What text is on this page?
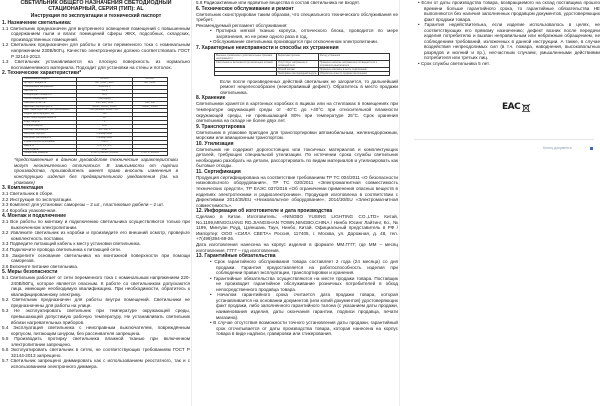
СВЕТИЛЬНИК ОБЩЕГО НАЗНАЧЕНИЯ СВЕТОДИОДНЫЙ
СТАЦИОНАРНЫЙ, СЕРИЯ (ТИП): AL
Инструкция по эксплуатации и технический паспорт
1. Назначение светильника:
1.1 Светильник предназначен для внутреннего освещения помещений с повышенным содержанием пыли и влаги: помещений сферы ЖКХ, подсобных, складских, производственных помещений.
1.2 Светильник предназначен для работы в сети переменного тока с номинальным напряжением 230В/50Гц. Качество электроэнергии должно соответствовать ГОСТ Р 32144-2013.
1.3 Светильник устанавливается на плоскую поверхность из нормально воспламеняемого материала. Подходит для установки на стены и потолок.
2. Технические характеристики*
Наименование модели	AL-xxxx	AL-xxxx
Артикул / мощность	8Вт | 12Вт | 18Вт	8Вт | 12Вт
Номинальное напряжение	230В/50Гц	
Частота, Гц	50Гц	
Коэффициент мощности	≥0,5	
Тип источника света	Светодиод	
Световой поток, лм	640 | 960 | 1440	640 | 960
Цветовая температура, К	4000K | 4000K | 4000K	6500K | 6500K
Цвет. характеристики / угол рассеивания	Нейтральный белый / 120°	
Индекс цветопередачи, Ra	>80	
Класс энергоэффективности	A+	
Класс защиты	II	
Степень защиты	IP65	
Рабочая температура	-20...+40°C	
Материал корпуса	Поликарбонат	
Материал рассеивателя	Поликарбонат	
Климатическое исполнение	УХЛ4	
Масса, кг	0,1 | 0,2 | 0,3	
Срок службы	5 лет	
Габаритные размеры	175x75 | 212x85 | 263x95	175x75 | 212x85
*представленные в данном руководстве технические характеристики могут незначительно отличаться. В зависимости от партии производства, производитель имеет право вносить изменения в конструкцию изделия без предварительного уведомления (см. на упаковке)
3. Комплектация
3.1 Светильник в сборе.
3.2 Инструкция по эксплуатации.
3.3 Комплект для установки: саморезы – 2 шт., пластиковые дюбели – 2 шт.
3.4 Коробка упаковочная.
4. Монтаж и подключение
3.1 Все работы по монтажу и подключению светильника осуществляются только при выключенном электропитании.
3.2 Извлеките светильник из коробки и произведите его внешний осмотр, проверьте комплектность поставки.
3.3 Подведите питающий кабель к месту установки светильника.
3.4 Подключите провода светильника к питающей сети.
3.5 Закрепите основание светильника на монтажной поверхности при помощи саморезов.
3.6 Включите питание светильника.
5. Меры безопасности
5.1 Светильник работает от сети переменного тока с номинальным напряжением 220-240В/50Гц, которое является опасным. К работе со светильником допускаются лица, имеющие необходимую квалификацию. При необходимости, обратитесь к квалифицированному электрику.
5.2 Светильник предназначен для работы внутри помещений. Светильники не предназначены для работы на улице.
5.3 Не эксплуатировать светильник при температуре окружающей среды, превышающей допустимую рабочую температуру. Не устанавливать светильник вблизи нагревательных приборов.
5.4 Эксплуатация светильника с неисправным выключателем, повреждённым корпусом, питающим шнуром, без рассеивателя запрещена.
5.5 Производить протирку светильника влажной тканью при включенном электропитании запрещено.
5.6 Эксплуатировать светильник в сетях, не соответствующих требованиям ГОСТ Р 32144-2013 запрещено.
5.7 Светильник запрещено диммировать как с использованием реостатного, так и с использованием электронного диммера.
5.8 Радиоактивные или ядовитые вещества в состав светильника не входят.
6. Техническое обслуживание и ремонт
Светильник сконструирован таким образом, что специального технического обслуживания не требует.
Рекомендуемый регламент обслуживания:
• Протирка мягкой тканью корпуса, оптического блока, проводится по мере загрязнения, но не реже одного раза в год.
• Обслуживание светильника производится при отключенном электропитании.
7. Характерные неисправности и способы их устранения
Внешнее проявление и дополнительные признаки неисправности	Вероятная причина	Метод устранения
Светильник не включается при включении питания	Отсутствует напряжение в питающей сети	Проверьте наличие напряжения в питающей сети и исправность выключателя
	Плохой контакт	Проверьте контакты в месте подключения
	Неисправен светодиодный модуль	Обратитесь в место продажи светильника
Если после произведенных действий светильник не загорается, то дальнейший ремонт нецелесообразен (неисправимый дефект). Обратитесь в место продажи светильника.
8. Хранение
Светильники хранятся в картонных коробках в ящиках или на стеллажах в помещениях при температуре окружающей среды от -40°С до +40°С при относительной влажности окружающей среды, не превышающей 80% при температуре 25°С. Срок хранения светильника на складе не более двух лет.
9. Транспортировка
Светильник в упаковке пригоден для транспортировки автомобильным, железнодорожным, морским или авиационным транспортом.
10. Утилизация
Светильник не содержит дорогостоящих или токсичных материалов и комплектующих деталей, требующих специальной утилизации. По истечении срока службы светильник необходимо разобрать на детали, рассортировать по видам материалов и утилизировать как бытовые отходы.
11. Сертификация
Продукция сертифицирована на соответствие требованиям ТР ТС 004/2011 «О безопасности низковольтного оборудования», ТР ТС 020/2011 «Электромагнитная совместимость технических средств», ТР ЕАЭС 037/2016 «Об ограничении применения опасных веществ в изделиях электротехники и радиоэлектроники». Продукция изготовлена в соответствии с Директивами 2014/35/EU «Низковольтное оборудование», 2014/30/EU «Электромагнитная совместимость».
12. Информация об изготовителе и дата производства
Сделано в Китае. Изготовитель: «NINGBO YUSING LIGHTING CO.,LTD» Китай, No.1199,MINGGUANG RD.JIANGSHAN TOWN,NINGBO,CHINA / Нинбо Юсинг Лайтинг, Ко., № 1199, Мингуан Роуд, Цзяншань Таун, Нинбо, Китай. Официальный представитель в РФ / Импортер: ООО «СИЛА СВЕТА» Россия, 117405, г. Москва, ул. Дорожная, д. 48, тел. +7(499)394-69-26.
Дата изготовления нанесена на корпус изделия в формате ММ.ГГГГ, где ММ – месяц изготовления, ГГГГ – год изготовления.
13. Гарантийные обязательства
• Срок гарантийного обслуживания товара составляет 2 года (24 месяца) со дня продажи. Гарантия предоставляется на работоспособность изделия при соблюдении правил эксплуатации, транспортировки и хранения.
• Гарантийные обязательства осуществляются на месте продажи товара. Поставщик не производит гарантийное обслуживание розничных потребителей в обход непосредственного продавца товара.
• Началом гарантийного срока считается дата продажи товара, которая устанавливается на основании документов (или копий документов) удостоверяющих факт продажи, либо заполненного гарантийного талона (с указанием даты продажи, наименования изделия, даты окончания гарантии, подписи продавца, печати магазина).
• В случае отсутствия возможности точного установления даты продажи, гарантийный срок отсчитывается от даты производства товара, которая нанесена на корпус товара в виде надписи, гравировки или стикерования.
• Если от даты производства товара, возвращаемого на склад поставщика прошло времени больше гарантийного срока, то гарантийные обязательства НЕ выполняются без наличия заполненных продавцом документов, удостоверяющих факт продажи товара.
• Гарантия недействительна, если изделие использовалось в целях, не соответствующих его прямому назначению; дефект возник после передачи изделия потребителю и вызван неправильным или небрежным обращением, не соблюдением требований, изложенных в данной инструкции. А также, в случае воздействия непреодолимых сил (в т.ч. пожара, наводнения, высоковольтных разрядов и молний и пр.), несчастным случаем, умышленными действиями потребителя или третьих лиц.
• Срок службы светильника 5 лет.
EAC
Конец документа
